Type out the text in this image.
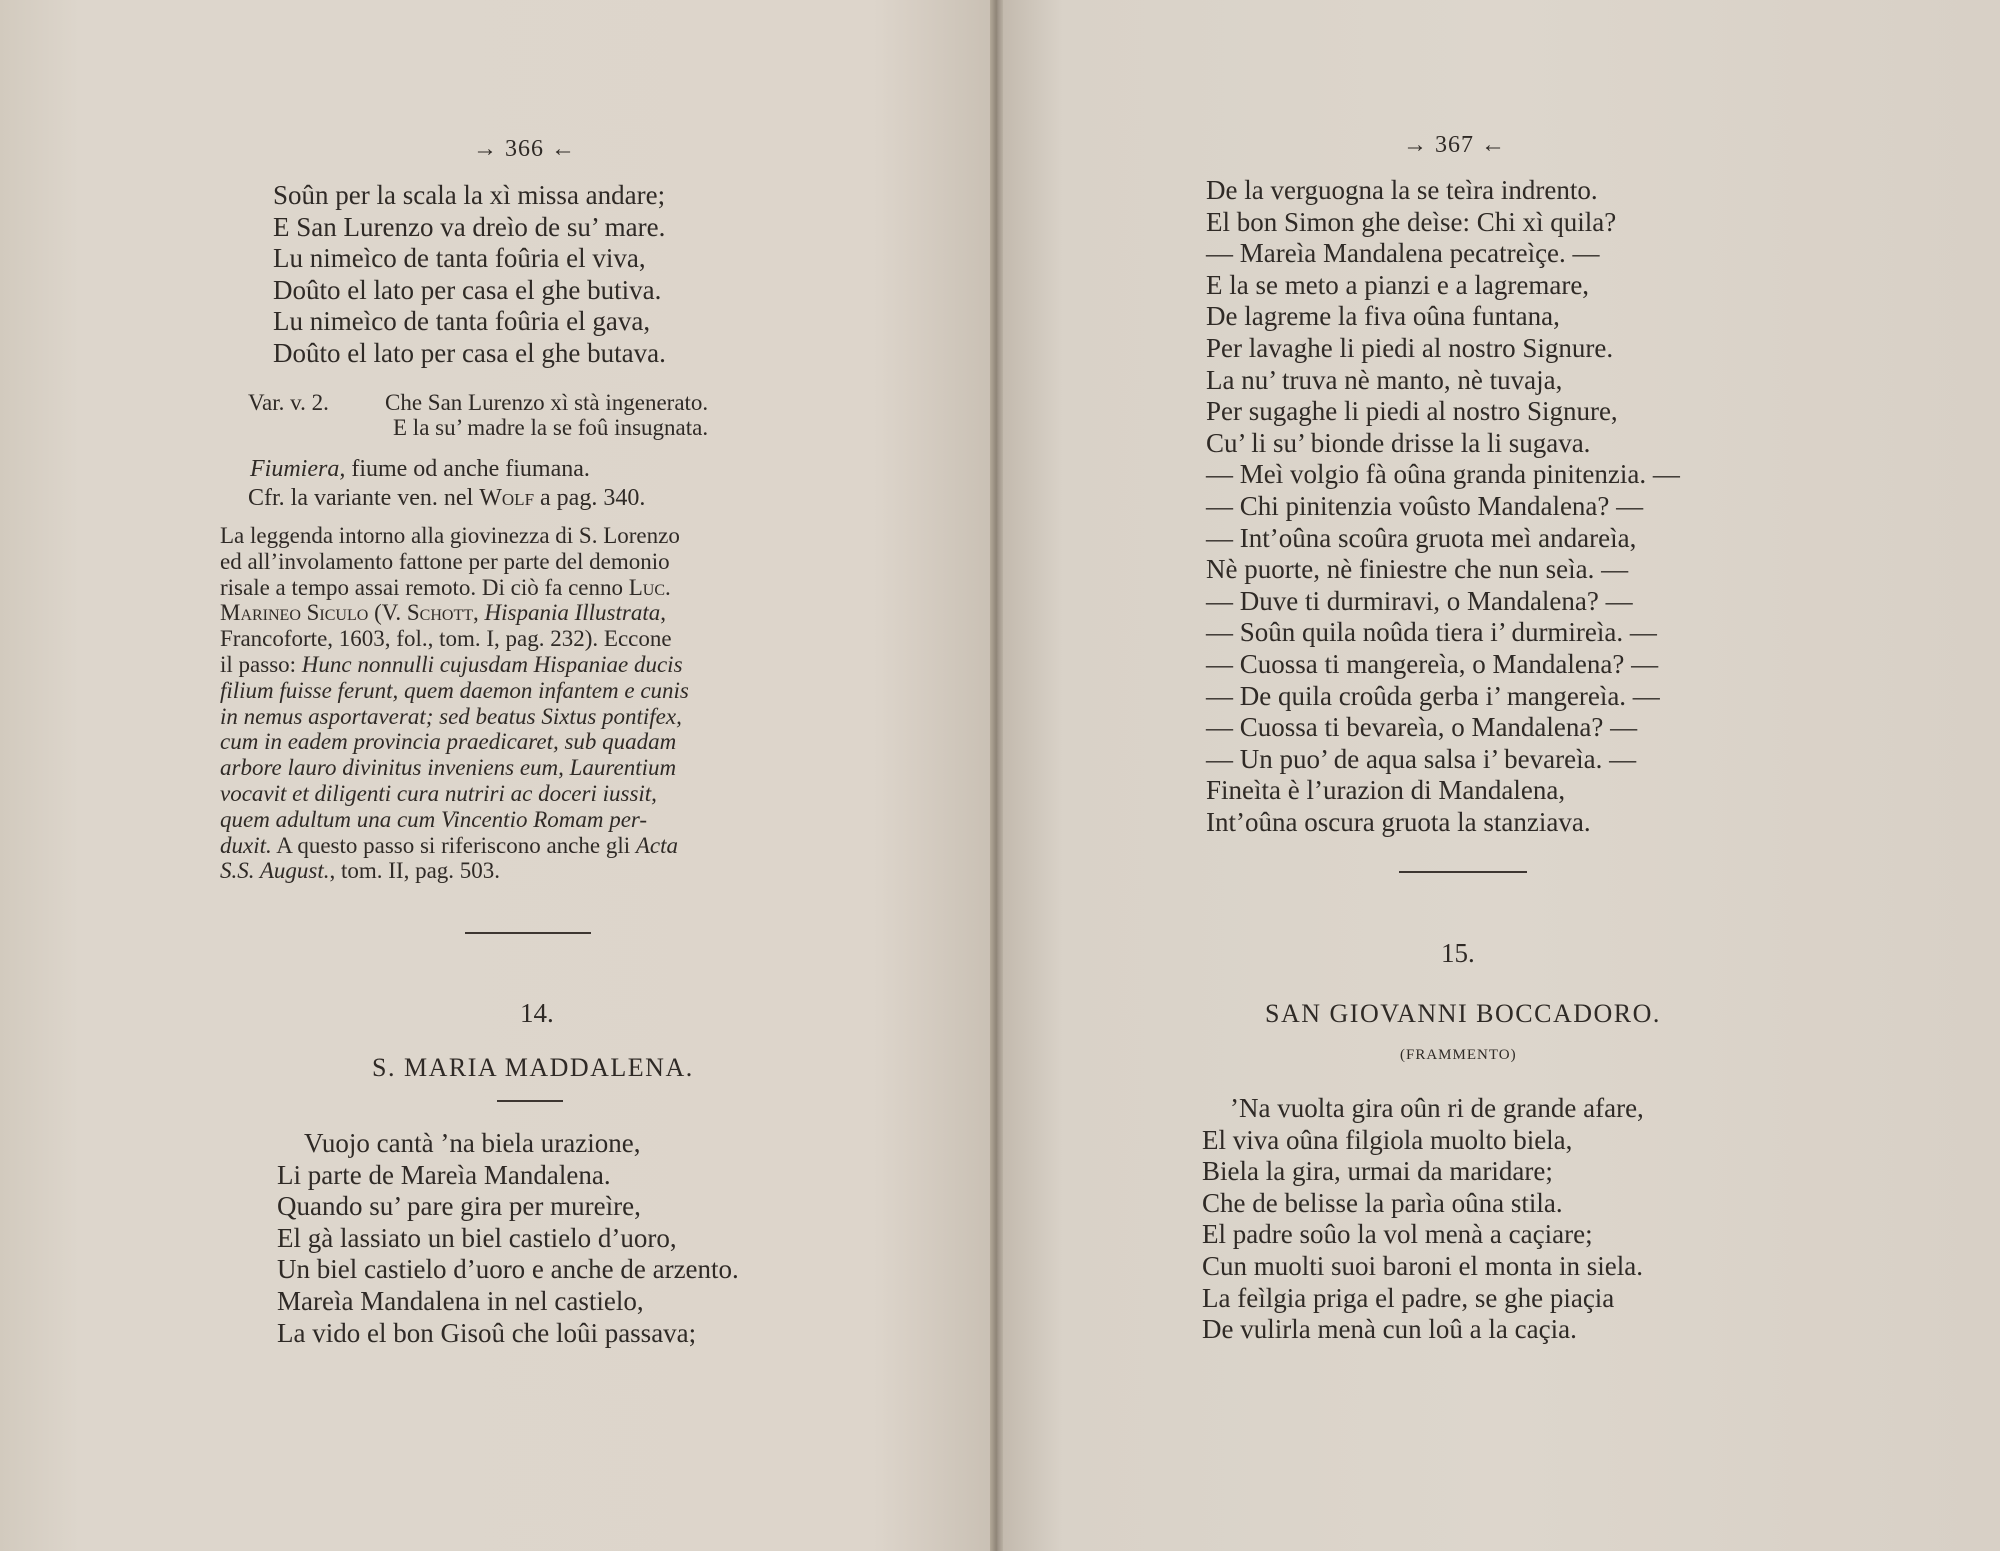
→ 366 ←
Soûn per la scala la xì missa andare;
E San Lurenzo va dreìo de su’ mare.
Lu nimeìco de tanta foûria el viva,
Doûto el lato per casa el ghe butiva.
Lu nimeìco de tanta foûria el gava,
Doûto el lato per casa el ghe butava.
Var. v. 2. Che San Lurenzo xì stà ingenerato.
E la su’ madre la se foû insugnata.
Fiumiera, fiume od anche fiumana.
Cfr. la variante ven. nel Wolf a pag. 340.
La leggenda intorno alla giovinezza di S. Lorenzo
ed all’involamento fattone per parte del demonio
risale a tempo assai remoto. Di ciò fa cenno Luc.
Marineo Siculo (V. Schott, Hispania Illustrata,
Francoforte, 1603, fol., tom. I, pag. 232). Eccone
il passo: Hunc nonnulli cujusdam Hispaniae ducis
filium fuisse ferunt, quem daemon infantem e cunis
in nemus asportaverat; sed beatus Sixtus pontifex,
cum in eadem provincia praedicaret, sub quadam
arbore lauro divinitus inveniens eum, Laurentium
vocavit et diligenti cura nutriri ac doceri iussit,
quem adultum una cum Vincentio Romam per-
duxit. A questo passo si riferiscono anche gli Acta
S.S. August., tom. II, pag. 503.
14.
S. MARIA MADDALENA.
Vuojo cantà ’na biela urazione,
Li parte de Mareìa Mandalena.
Quando su’ pare gira per mureìre,
El gà lassiato un biel castielo d’uoro,
Un biel castielo d’uoro e anche de arzento.
Mareìa Mandalena in nel castielo,
La vido el bon Gisoû che loûi passava;
→ 367 ←
De la verguogna la se teìra indrento.
El bon Simon ghe deìse: Chi xì quila?
— Mareìa Mandalena pecatreìçe. —
E la se meto a pianzi e a lagremare,
De lagreme la fiva oûna funtana,
Per lavaghe li piedi al nostro Signure.
La nu’ truva nè manto, nè tuvaja,
Per sugaghe li piedi al nostro Signure,
Cu’ li su’ bionde drisse la li sugava.
— Meì volgio fà oûna granda pinitenzia. —
— Chi pinitenzia voûsto Mandalena? —
— Int’oûna scoûra gruota meì andareìa,
Nè puorte, nè finiestre che nun seìa. —
— Duve ti durmiravi, o Mandalena? —
— Soûn quila noûda tiera i’ durmireìa. —
— Cuossa ti mangereìa, o Mandalena? —
— De quila croûda gerba i’ mangereìa. —
— Cuossa ti bevareìa, o Mandalena? —
— Un puo’ de aqua salsa i’ bevareìa. —
Fineìta è l’urazion di Mandalena,
Int’oûna oscura gruota la stanziava.
15.
SAN GIOVANNI BOCCADORO.
(FRAMMENTO)
’Na vuolta gira oûn ri de grande afare,
El viva oûna filgiola muolto biela,
Biela la gira, urmai da maridare;
Che de belisse la parìa oûna stila.
El padre soûo la vol menà a caçiare;
Cun muolti suoi baroni el monta in siela.
La feìlgia priga el padre, se ghe piaçia
De vulirla menà cun loû a la caçia.
